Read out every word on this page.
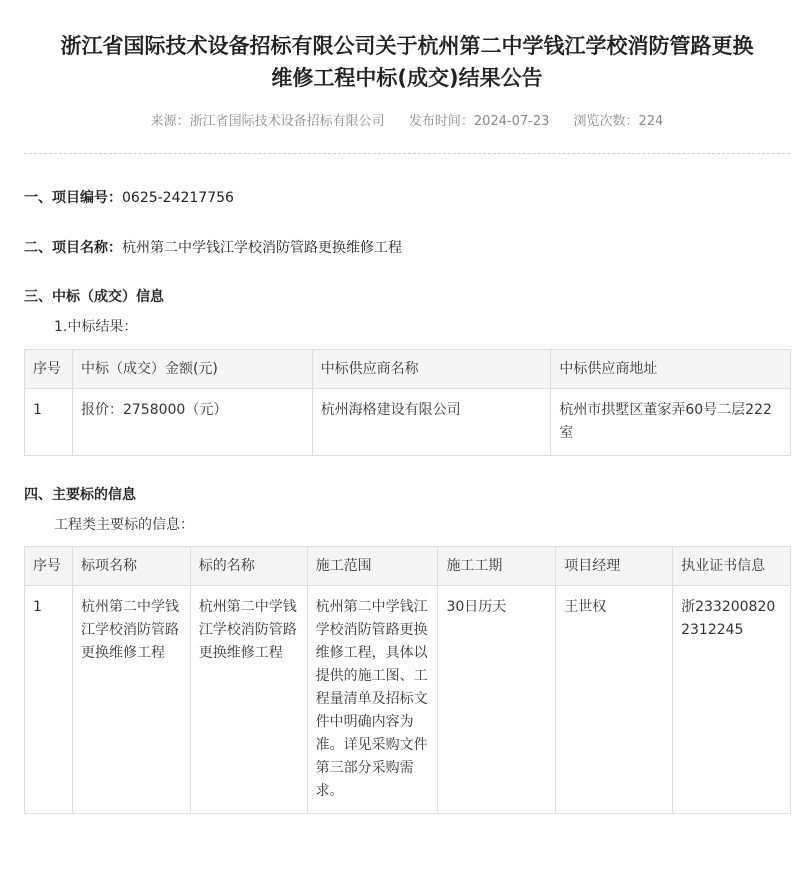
浙江省国际技术设备招标有限公司关于杭州第二中学钱江学校消防管路更换
维修工程中标(成交)结果公告
来源：浙江省国际技术设备招标有限公司 发布时间：2024-07-23 浏览次数：224
一、项目编号：0625-24217756
二、项目名称：杭州第二中学钱江学校消防管路更换维修工程
三、中标（成交）信息
1.中标结果：
序号	中标（成交）金额(元)	中标供应商名称	中标供应商地址
1	报价：2758000（元）	杭州海格建设有限公司	杭州市拱墅区董家弄60号二层222室
四、主要标的信息
工程类主要标的信息：
序号	标项名称	标的名称	施工范围	施工工期	项目经理	执业证书信息
1	杭州第二中学钱江学校消防管路更换维修工程	杭州第二中学钱江学校消防管路更换维修工程	杭州第二中学钱江学校消防管路更换维修工程，具体以提供的施工图、工程量清单及招标文件中明确内容为准。详见采购文件第三部分采购需求。	30日历天	王世权	浙2332008202312245
